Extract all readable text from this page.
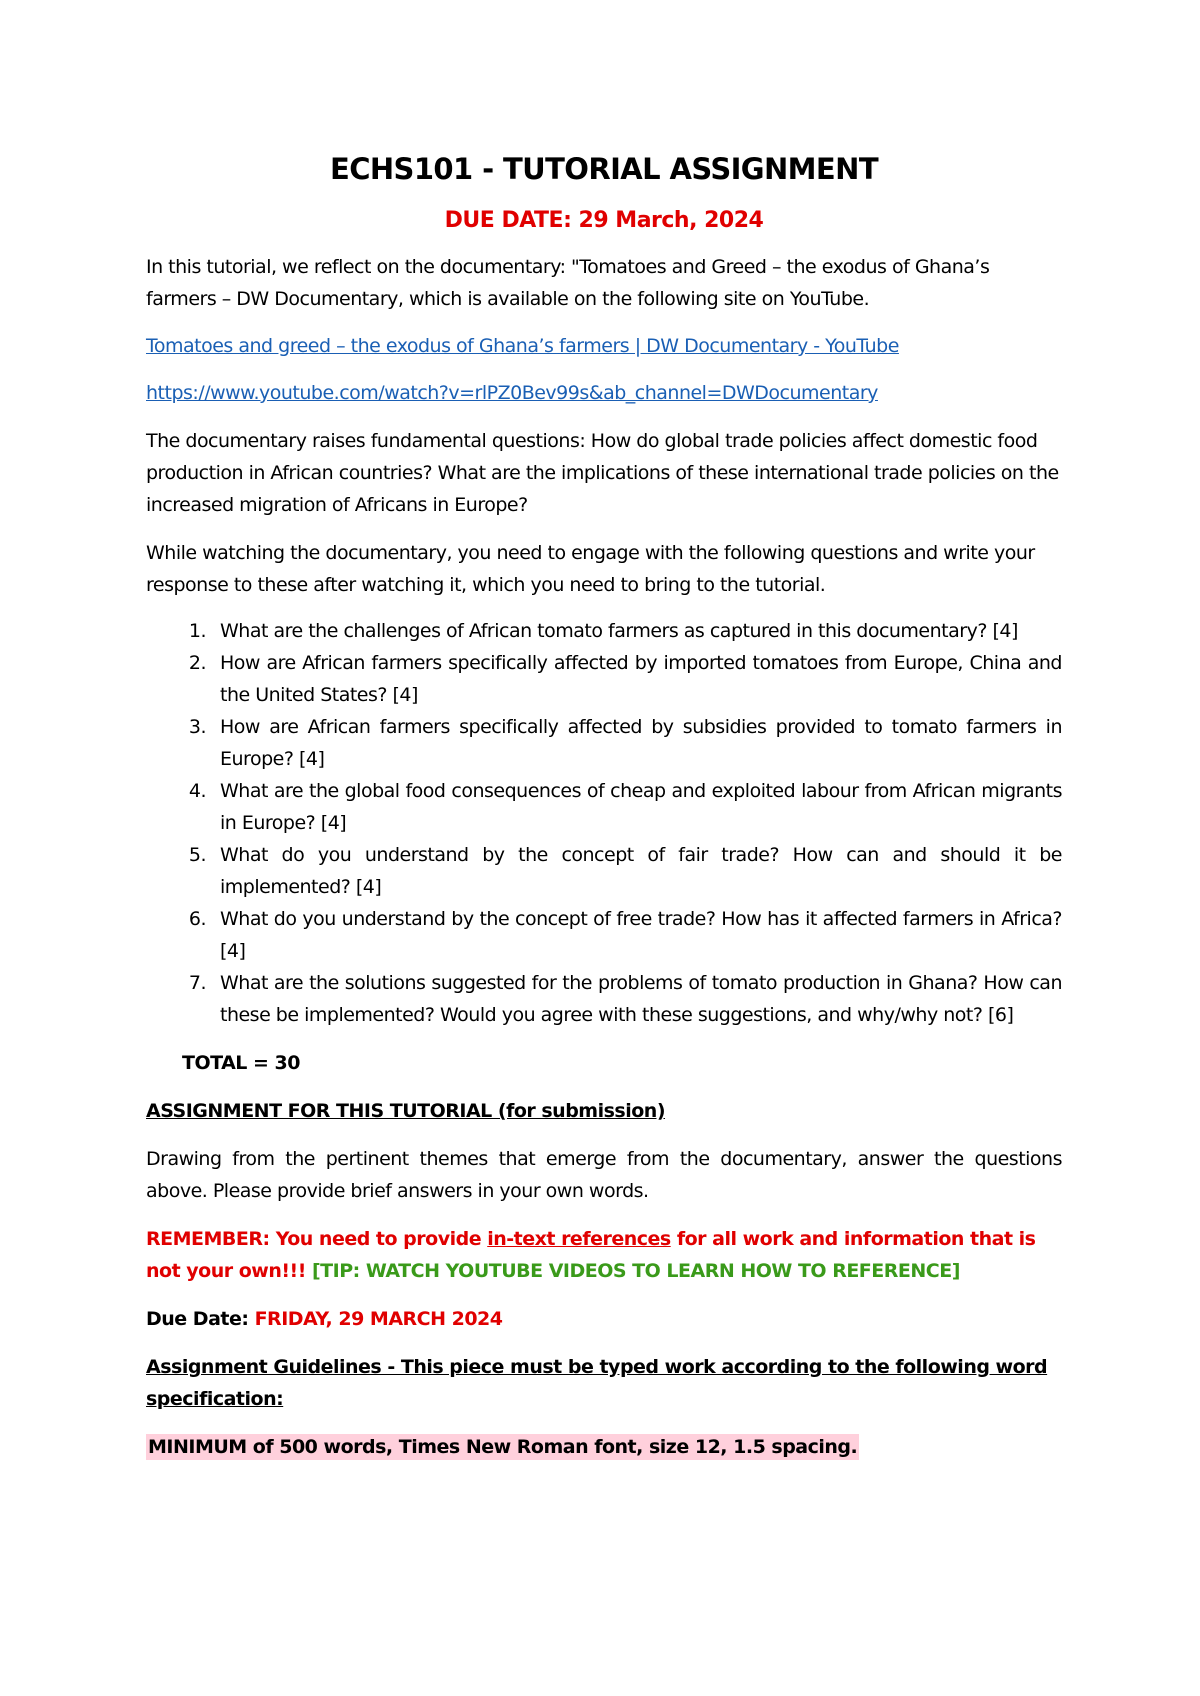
ECHS101 - TUTORIAL ASSIGNMENT
DUE DATE: 29 March, 2024

In this tutorial, we reflect on the documentary: "Tomatoes and Greed – the exodus of Ghana’s farmers – DW Documentary, which is available on the following site on YouTube.

Tomatoes and greed – the exodus of Ghana’s farmers | DW Documentary - YouTube
https://www.youtube.com/watch?v=rlPZ0Bev99s&ab_channel=DWDocumentary

The documentary raises fundamental questions: How do global trade policies affect domestic food production in African countries? What are the implications of these international trade policies on the increased migration of Africans in Europe?

While watching the documentary, you need to engage with the following questions and write your response to these after watching it, which you need to bring to the tutorial.

1. What are the challenges of African tomato farmers as captured in this documentary? [4]
2. How are African farmers specifically affected by imported tomatoes from Europe, China and the United States? [4]
3. How are African farmers specifically affected by subsidies provided to tomato farmers in Europe? [4]
4. What are the global food consequences of cheap and exploited labour from African migrants in Europe? [4]
5. What do you understand by the concept of fair trade? How can and should it be implemented? [4]
6. What do you understand by the concept of free trade? How has it affected farmers in Africa? [4]
7. What are the solutions suggested for the problems of tomato production in Ghana? How can these be implemented? Would you agree with these suggestions, and why/why not? [6]

TOTAL = 30

ASSIGNMENT FOR THIS TUTORIAL (for submission)

Drawing from the pertinent themes that emerge from the documentary, answer the questions above. Please provide brief answers in your own words.

REMEMBER: You need to provide in-text references for all work and information that is not your own!!! [TIP: WATCH YOUTUBE VIDEOS TO LEARN HOW TO REFERENCE]

Due Date: FRIDAY, 29 MARCH 2024

Assignment Guidelines - This piece must be typed work according to the following word specification:

MINIMUM of 500 words, Times New Roman font, size 12, 1.5 spacing.
